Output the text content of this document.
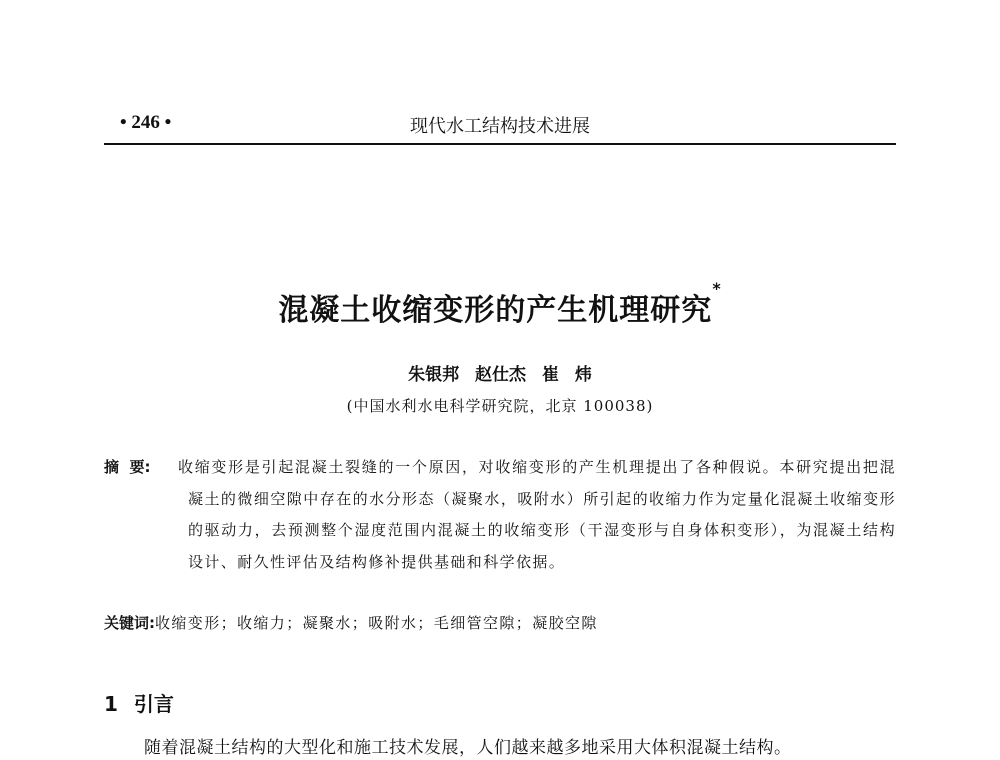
• 246 •	现代水工结构技术进展
混凝土收缩变形的产生机理研究*
朱银邦 赵仕杰 崔 炜
(中国水利水电科学研究院，北京 100038)
摘  要:	收缩变形是引起混凝土裂缝的一个原因，对收缩变形的产生机理提出了各种假说。本研究提出把混凝土的微细空隙中存在的水分形态（凝聚水，吸附水）所引起的收缩力作为定量化混凝土收缩变形的驱动力，去预测整个湿度范围内混凝土的收缩变形（干湿变形与自身体积变形），为混凝土结构设计、耐久性评估及结构修补提供基础和科学依据。
关键词:收缩变形；收缩力；凝聚水；吸附水；毛细管空隙；凝胶空隙
1 引言
随着混凝土结构的大型化和施工技术发展，人们越来越多地采用大体积混凝土结构。
